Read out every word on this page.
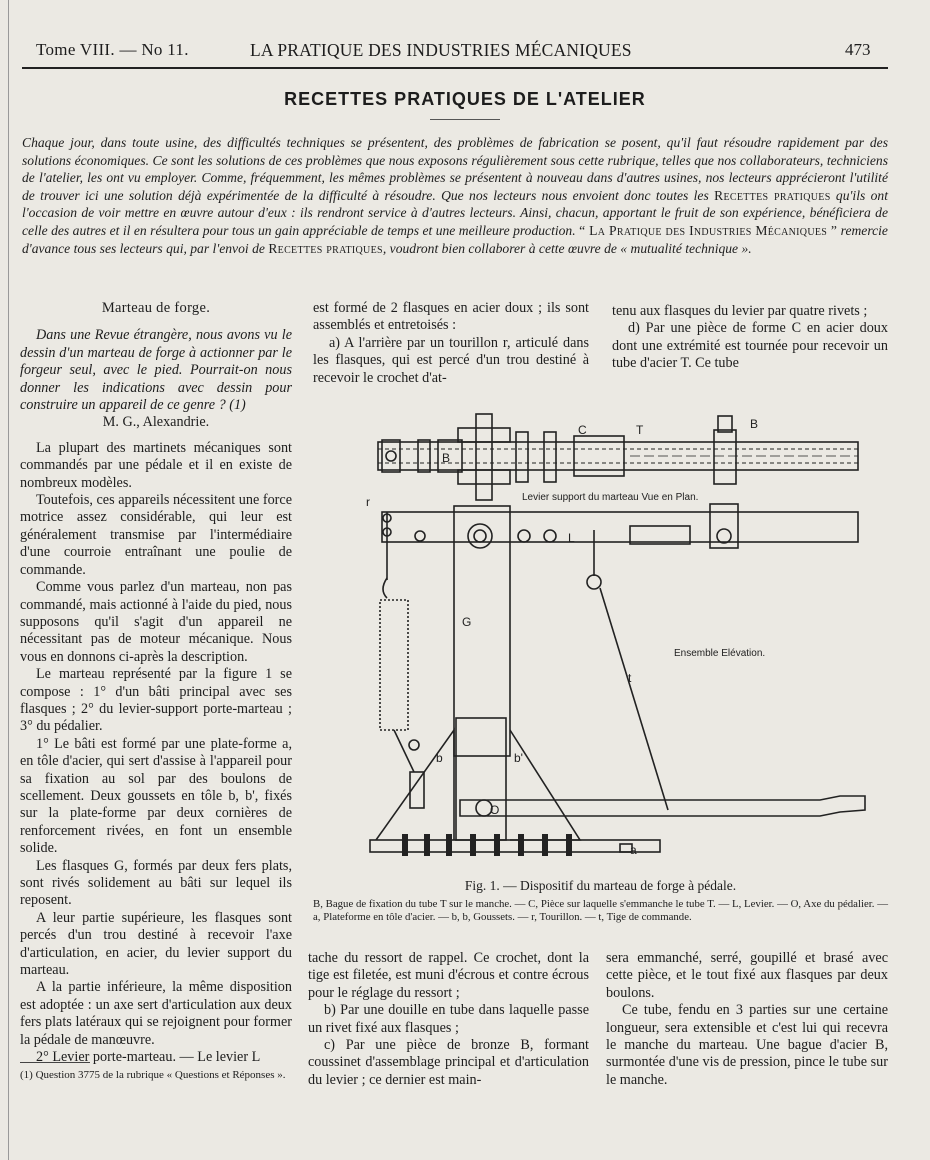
Tome VIII. — No 11.	LA PRATIQUE DES INDUSTRIES MÉCANIQUES	473
RECETTES PRATIQUES DE L'ATELIER
Chaque jour, dans toute usine, des difficultés techniques se présentent, des problèmes de fabrication se posent, qu'il faut résoudre rapidement par des solutions économiques. Ce sont les solutions de ces problèmes que nous exposons régulièrement sous cette rubrique, telles que nos collaborateurs, techniciens de l'atelier, les ont vu employer. Comme, fréquemment, les mêmes problèmes se présentent à nouveau dans d'autres usines, nos lecteurs apprécieront l'utilité de trouver ici une solution déjà expérimentée de la difficulté à résoudre. Que nos lecteurs nous envoient donc toutes les Recettes pratiques qu'ils ont l'occasion de voir mettre en œuvre autour d'eux : ils rendront service à d'autres lecteurs. Ainsi, chacun, apportant le fruit de son expérience, bénéficiera de celle des autres et il en résultera pour tous un gain appréciable de temps et une meilleure production. “ La Pratique des Industries Mécaniques ” remercie d'avance tous ses lecteurs qui, par l'envoi de Recettes pratiques, voudront bien collaborer à cette œuvre de « mutualité technique ».

Marteau de forge.

Dans une Revue étrangère, nous avons vu le dessin d'un marteau de forge à actionner par le forgeur seul, avec le pied. Pourrait-on nous donner les indications avec dessin pour construire un appareil de ce genre ? (1)

M. G., Alexandrie.

La plupart des martinets mécaniques sont commandés par une pédale et il en existe de nombreux modèles.

Toutefois, ces appareils nécessitent une force motrice assez considérable, qui leur est généralement transmise par l'intermédiaire d'une courroie entraînant une poulie de commande.

Comme vous parlez d'un marteau, non pas commandé, mais actionné à l'aide du pied, nous supposons qu'il s'agit d'un appareil ne nécessitant pas de moteur mécanique. Nous vous en donnons ci-après la description.

Le marteau représenté par la figure 1 se compose : 1° d'un bâti principal avec ses flasques ; 2° du levier-support porte-marteau ; 3° du pédalier.

1° Le bâti est formé par une plate-forme a, en tôle d'acier, qui sert d'assise à l'appareil pour sa fixation au sol par des boulons de scellement. Deux goussets en tôle b, b', fixés sur la plate-forme par deux cornières de renforcement rivées, en font un ensemble solide.

Les flasques G, formés par deux fers plats, sont rivés solidement au bâti sur lequel ils reposent.

A leur partie supérieure, les flasques sont percés d'un trou destiné à recevoir l'axe d'articulation, en acier, du levier support du marteau.

A la partie inférieure, la même disposition est adoptée : un axe sert d'articulation aux deux fers plats latéraux qui se rejoignent pour former la pédale de manœuvre.

2° Levier porte-marteau. — Le levier L

(1) Question 3775 de la rubrique « Questions et Réponses ».

est formé de 2 flasques en acier doux ; ils sont assemblés et entretoisés :

a) A l'arrière par un tourillon r, articulé dans les flasques, qui est percé d'un trou destiné à recevoir le crochet d'at-

tenu aux flasques du levier par quatre rivets ;

d) Par une pièce de forme C en acier doux dont une extrémité est tournée pour recevoir un tube d'acier T. Ce tube

B
C	T	B
Levier support du marteau Vue en Plan.
r
L
G
Ensemble Elévation.
t
b	b'
O
a
Fig. 1. — Dispositif du marteau de forge à pédale.
B, Bague de fixation du tube T sur le manche. — C, Pièce sur laquelle s'emmanche le tube T. — L, Levier. — O, Axe du pédalier. — a, Plateforme en tôle d'acier. — b, b, Goussets. — r, Tourillon. — t, Tige de commande.

tache du ressort de rappel. Ce crochet, dont la tige est filetée, est muni d'écrous et contre écrous pour le réglage du ressort ;

b) Par une douille en tube dans laquelle passe un rivet fixé aux flasques ;

c) Par une pièce de bronze B, formant coussinet d'assemblage principal et d'articulation du levier ; ce dernier est main-

sera emmanché, serré, goupillé et brasé avec cette pièce, et le tout fixé aux flasques par deux boulons.

Ce tube, fendu en 3 parties sur une certaine longueur, sera extensible et c'est lui qui recevra le manche du marteau. Une bague d'acier B, surmontée d'une vis de pression, pince le tube sur le manche.
